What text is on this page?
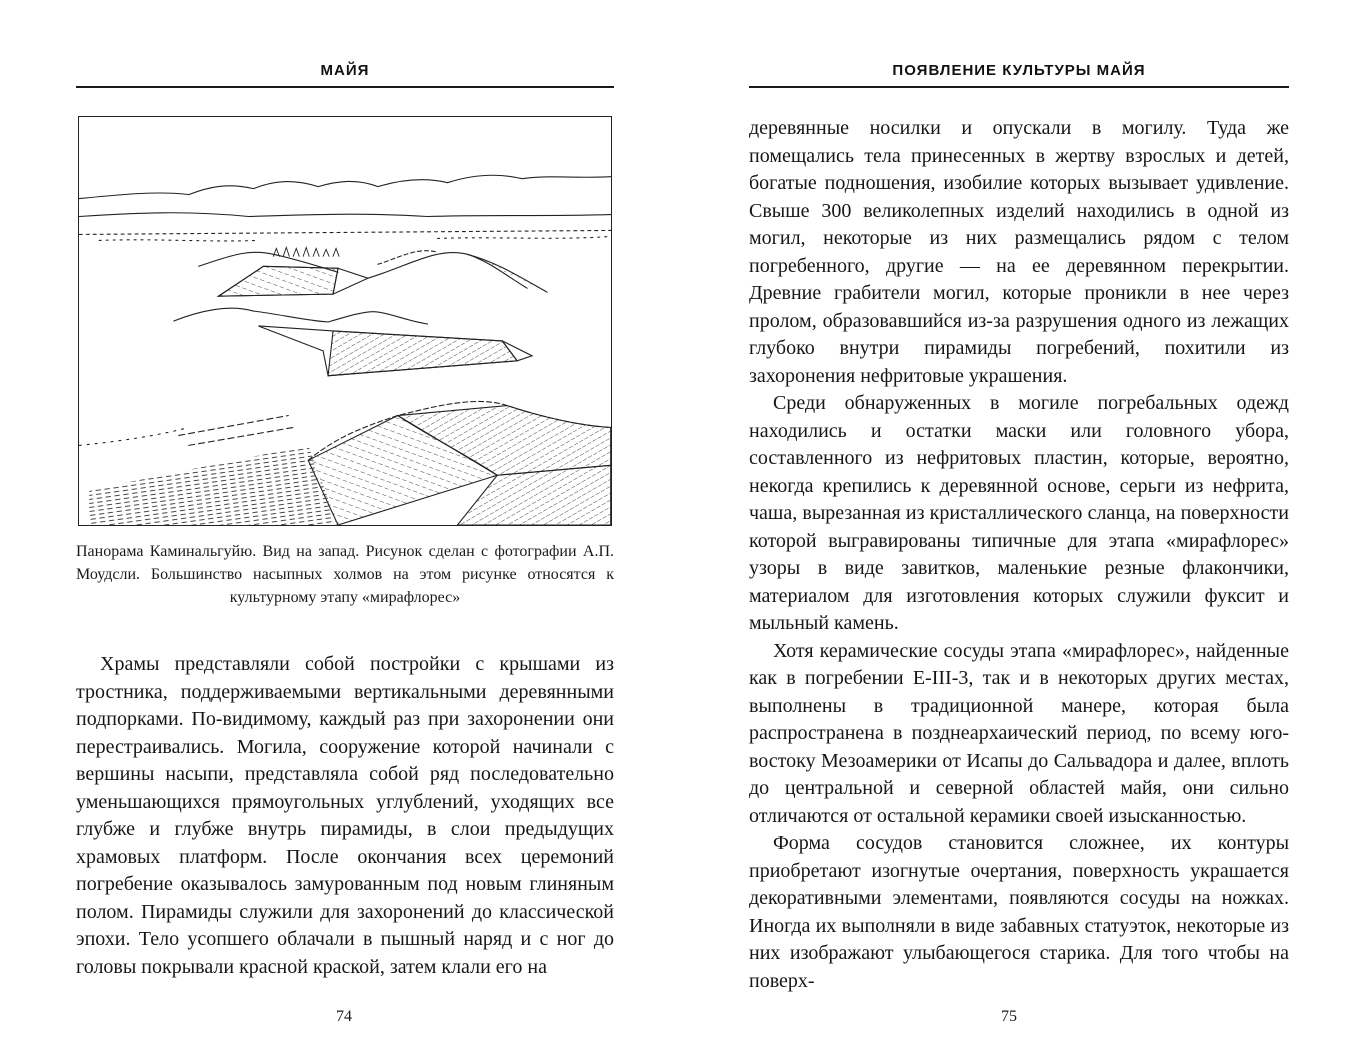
МАЙЯ
Панорама Каминальгуйю. Вид на запад. Рисунок сделан с фотографии А.П. Моудсли. Большинство насыпных холмов на этом рисунке относятся к культурному этапу «мирафлорес»

Храмы представляли собой постройки с крышами из тростника, поддерживаемыми вертикальными деревянными подпорками. По-видимому, каждый раз при захоронении они перестраивались. Могила, сооружение которой начинали с вершины насыпи, представляла собой ряд последовательно уменьшающихся прямоугольных углублений, уходящих все глубже и глубже внутрь пирамиды, в слои предыдущих храмовых платформ. После окончания всех церемоний погребение оказывалось замурованным под новым глиняным полом. Пирамиды служили для захоронений до классической эпохи. Тело усопшего облачали в пышный наряд и с ног до головы покрывали красной краской, затем клали его на

74
ПОЯВЛЕНИЕ КУЛЬТУРЫ МАЙЯ

деревянные носилки и опускали в могилу. Туда же помещались тела принесенных в жертву взрослых и детей, богатые подношения, изобилие которых вызывает удивление. Свыше 300 великолепных изделий находились в одной из могил, некоторые из них размещались рядом с телом погребенного, другие — на ее деревянном перекрытии. Древние грабители могил, которые проникли в нее через пролом, образовавшийся из-за разрушения одного из лежащих глубоко внутри пирамиды погребений, похитили из захоронения нефритовые украшения.

Среди обнаруженных в могиле погребальных одежд находились и остатки маски или головного убора, составленного из нефритовых пластин, которые, вероятно, некогда крепились к деревянной основе, серьги из нефрита, чаша, вырезанная из кристаллического сланца, на поверхности которой выгравированы типичные для этапа «мирафлорес» узоры в виде завитков, маленькие резные флакончики, материалом для изготовления которых служили фуксит и мыльный камень.

Хотя керамические сосуды этапа «мирафлорес», найденные как в погребении E-III-3, так и в некоторых других местах, выполнены в традиционной манере, которая была распространена в позднеархаический период, по всему юго-востоку Мезоамерики от Исапы до Сальвадора и далее, вплоть до центральной и северной областей майя, они сильно отличаются от остальной керамики своей изысканностью.

Форма сосудов становится сложнее, их контуры приобретают изогнутые очертания, поверхность украшается декоративными элементами, появляются сосуды на ножках. Иногда их выполняли в виде забавных статуэток, некоторые из них изображают улыбающегося старика. Для того чтобы на поверх-

75
